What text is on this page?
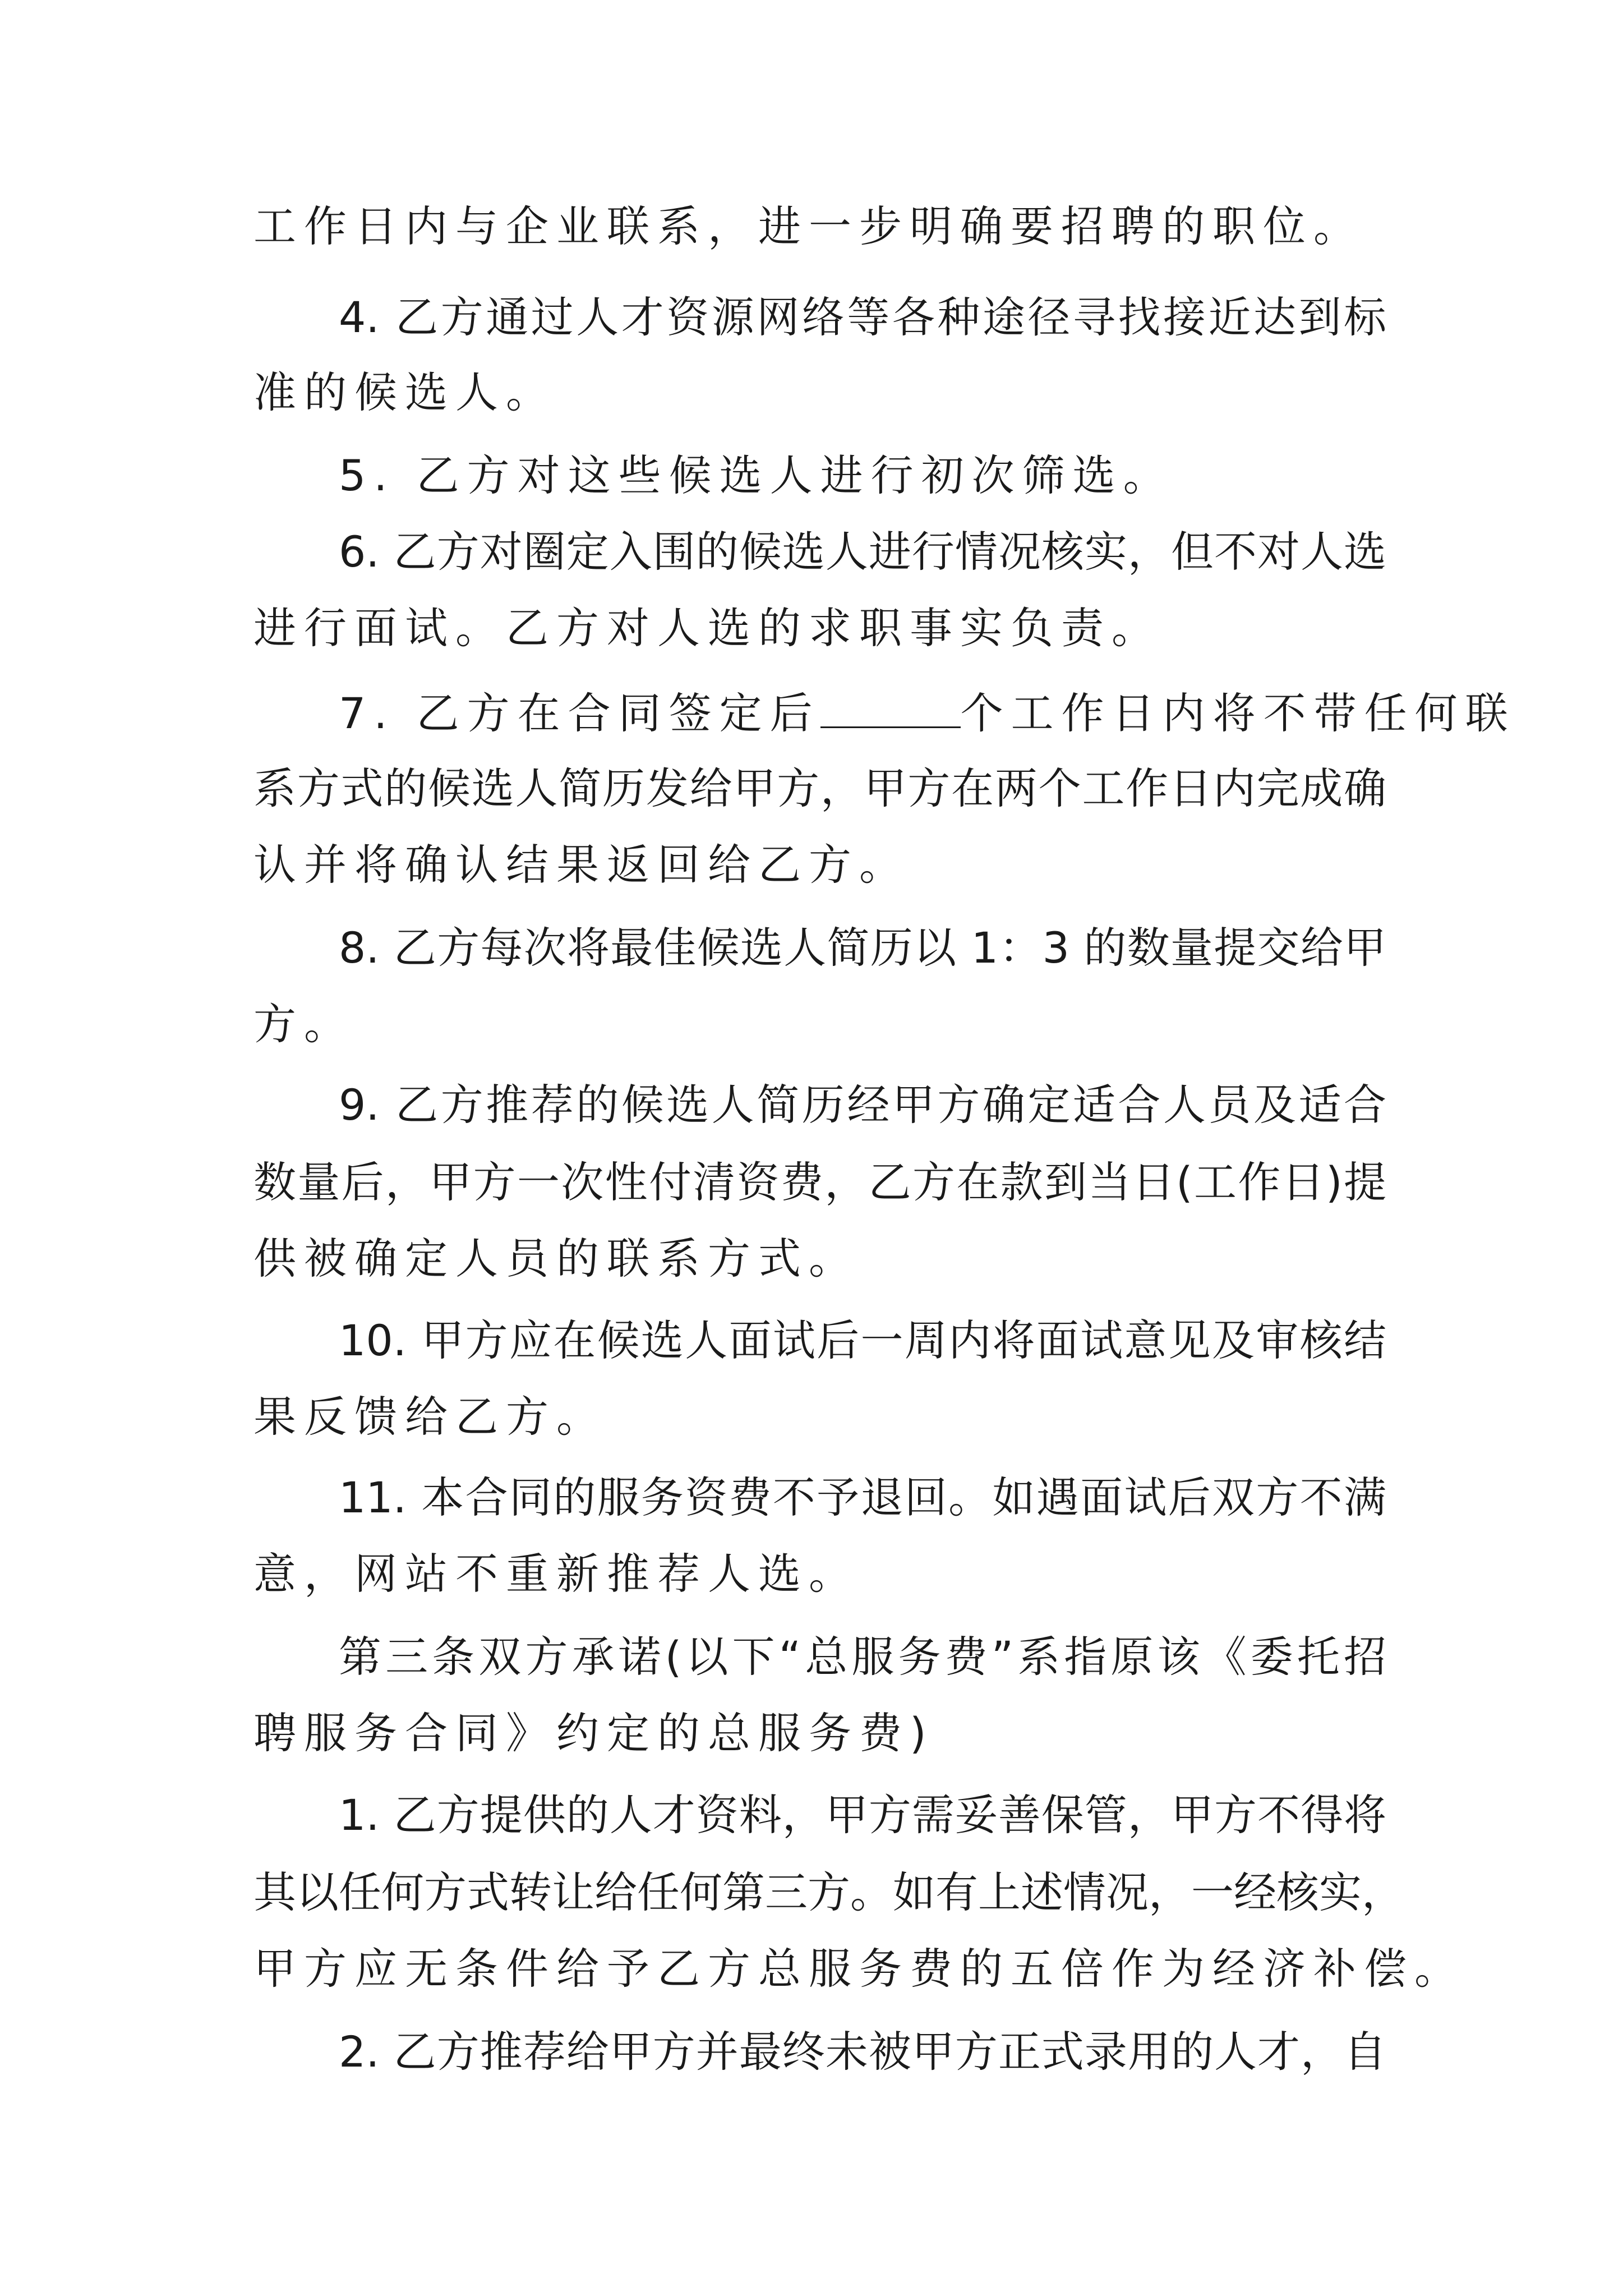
工作日内与企业联系，进一步明确要招聘的职位。
4. 乙方通过人才资源网络等各种途径寻找接近达到标
准的候选人。
5. 乙方对这些候选人进行初次筛选。
6. 乙方对圈定入围的候选人进行情况核实，但不对人选
进行面试。乙方对人选的求职事实负责。
7. 乙方在合同签定后	个工作日内将不带任何联
系方式的候选人简历发给甲方，甲方在两个工作日内完成确
认并将确认结果返回给乙方。
8. 乙方每次将最佳候选人简历以 1：3 的数量提交给甲
方。
9. 乙方推荐的候选人简历经甲方确定适合人员及适合
数量后，甲方一次性付清资费，乙方在款到当日(工作日)提
供被确定人员的联系方式。
10. 甲方应在候选人面试后一周内将面试意见及审核结
果反馈给乙方。
11. 本合同的服务资费不予退回。如遇面试后双方不满
意，网站不重新推荐人选。
第三条双方承诺(以下“总服务费”系指原该《委托招
聘服务合同》约定的总服务费)
1. 乙方提供的人才资料，甲方需妥善保管，甲方不得将
其以任何方式转让给任何第三方。如有上述情况，一经核实，
甲方应无条件给予乙方总服务费的五倍作为经济补偿。
2. 乙方推荐给甲方并最终未被甲方正式录用的人才，自
